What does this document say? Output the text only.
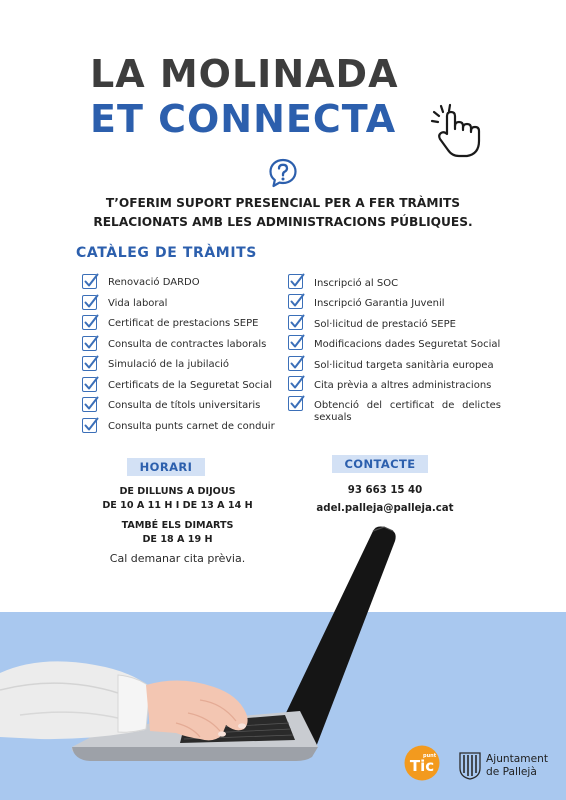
LA MOLINADA
ET CONNECTA
T’OFERIM SUPORT PRESENCIAL PER A FER TRÀMITS
RELACIONATS AMB LES ADMINISTRACIONS PÚBLIQUES.
CATÀLEG DE TRÀMITS
Renovació DARDO
Vida laboral
Certificat de prestacions SEPE
Consulta de contractes laborals
Simulació de la jubilació
Certificats de la Seguretat Social
Consulta de títols universitaris
Consulta punts carnet de conduir
Inscripció al SOC
Inscripció Garantia Juvenil
Sol·licitud de prestació SEPE
Modificacions dades Seguretat Social
Sol·licitud targeta sanitària europea
Cita prèvia a altres administracions
Obtenció del certificat de delictes sexuals
HORARI
DE DILLUNS A DIJOUS
DE 10 A 11 H I DE 13 A 14 H
TAMBÉ ELS DIMARTS
DE 18 A 19 H
Cal demanar cita prèvia.
CONTACTE
93 663 15 40
adel.palleja@palleja.cat
punt
Tic	Ajuntament
de Pallejà
